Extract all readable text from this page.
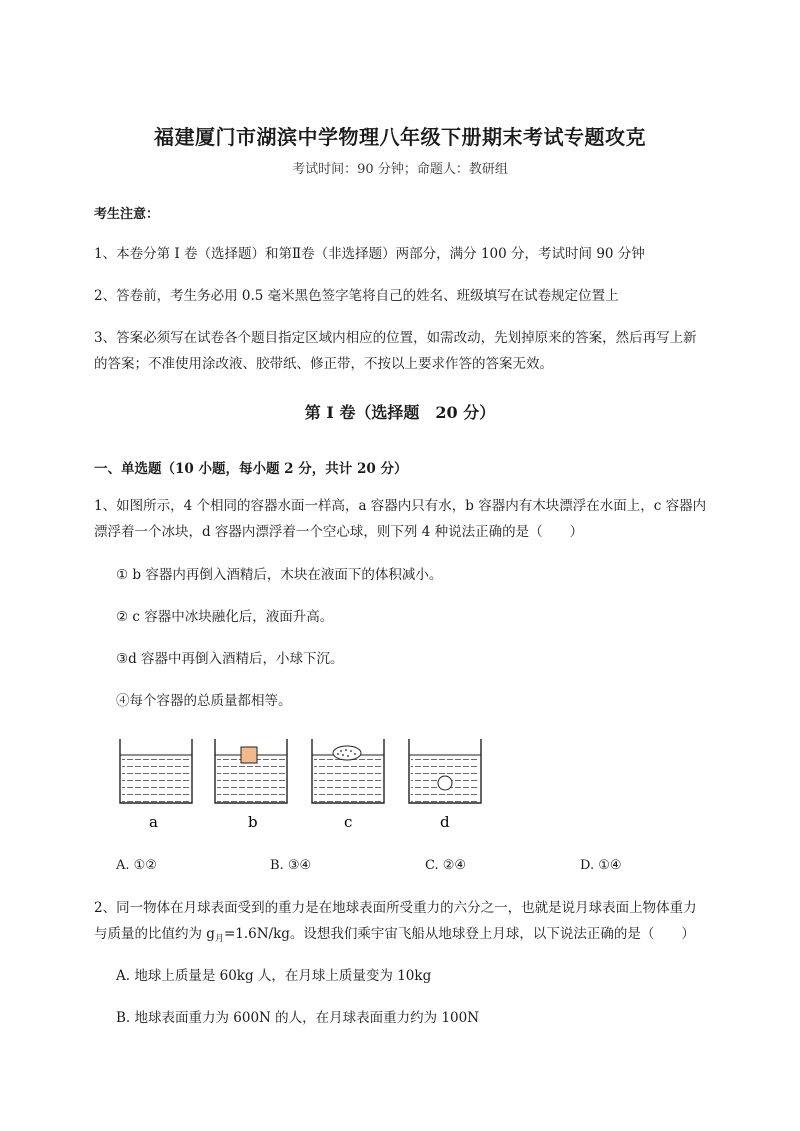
福建厦门市湖滨中学物理八年级下册期末考试专题攻克
考试时间：90 分钟；命题人：教研组
考生注意：
1、本卷分第 I 卷（选择题）和第Ⅱ卷（非选择题）两部分，满分 100 分，考试时间 90 分钟
2、答卷前，考生务必用 0.5 毫米黑色签字笔将自己的姓名、班级填写在试卷规定位置上
3、答案必须写在试卷各个题目指定区域内相应的位置，如需改动，先划掉原来的答案，然后再写上新
的答案；不准使用涂改液、胶带纸、修正带，不按以上要求作答的答案无效。
第 I 卷（选择题　20 分）
一、单选题（10 小题，每小题 2 分，共计 20 分）
1、如图所示，4 个相同的容器水面一样高，a 容器内只有水，b 容器内有木块漂浮在水面上，c 容器内
漂浮着一个冰块，d 容器内漂浮着一个空心球，则下列 4 种说法正确的是（　　）
① b 容器内再倒入酒精后，木块在液面下的体积减小。
② c 容器中冰块融化后，液面升高。
③d 容器中再倒入酒精后，小球下沉。
④每个容器的总质量都相等。
a	b	c	d
A. ①②	B. ③④	C. ②④	D. ①④
2、同一物体在月球表面受到的重力是在地球表面所受重力的六分之一，也就是说月球表面上物体重力
与质量的比值约为 $g_月=1.6N/kg$。设想我们乘宇宙飞船从地球登上月球，以下说法正确的是（　　）
A. 地球上质量是 60kg 人，在月球上质量变为 10kg
B. 地球表面重力为 600N 的人，在月球表面重力约为 100N
